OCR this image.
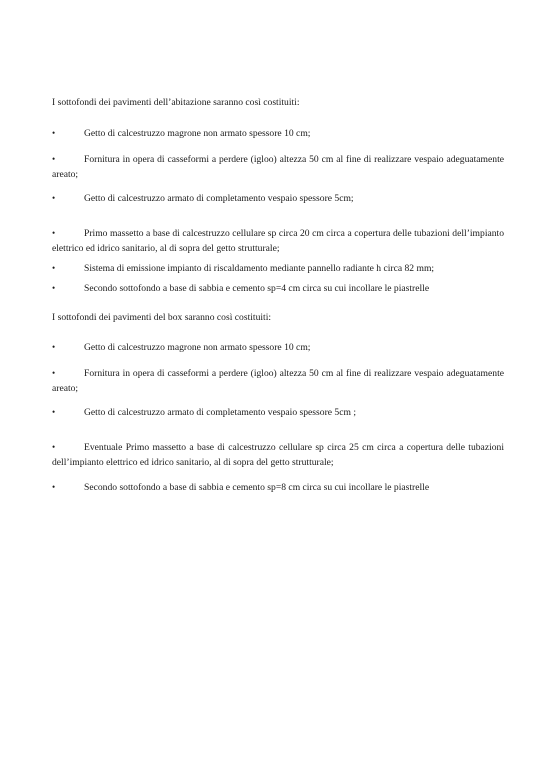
I sottofondi dei pavimenti dell’abitazione saranno così costituiti:
•	Getto di calcestruzzo magrone non armato spessore 10 cm;
•	Fornitura in opera di casseformi a perdere (igloo) altezza 50 cm al fine di realizzare vespaio adeguatamente areato;
•	Getto di calcestruzzo armato di completamento vespaio spessore 5cm;
•	Primo massetto a base di calcestruzzo cellulare sp circa 20 cm circa a copertura delle tubazioni dell’impianto elettrico ed idrico sanitario, al di sopra del getto strutturale;
•	Sistema di emissione impianto di riscaldamento mediante pannello radiante h circa 82 mm;
•	Secondo sottofondo a base di sabbia e cemento sp=4 cm circa su cui incollare le piastrelle
I sottofondi dei pavimenti del box saranno così costituiti:
•	Getto di calcestruzzo magrone non armato spessore 10 cm;
•	Fornitura in opera di casseformi a perdere (igloo) altezza 50 cm al fine di realizzare vespaio adeguatamente areato;
•	Getto di calcestruzzo armato di completamento vespaio spessore 5cm ;
•	Eventuale Primo massetto a base di calcestruzzo cellulare sp circa 25 cm circa a copertura delle tubazioni dell’impianto elettrico ed idrico sanitario, al di sopra del getto strutturale;
•	Secondo sottofondo a base di sabbia e cemento sp=8 cm circa su cui incollare le piastrelle
